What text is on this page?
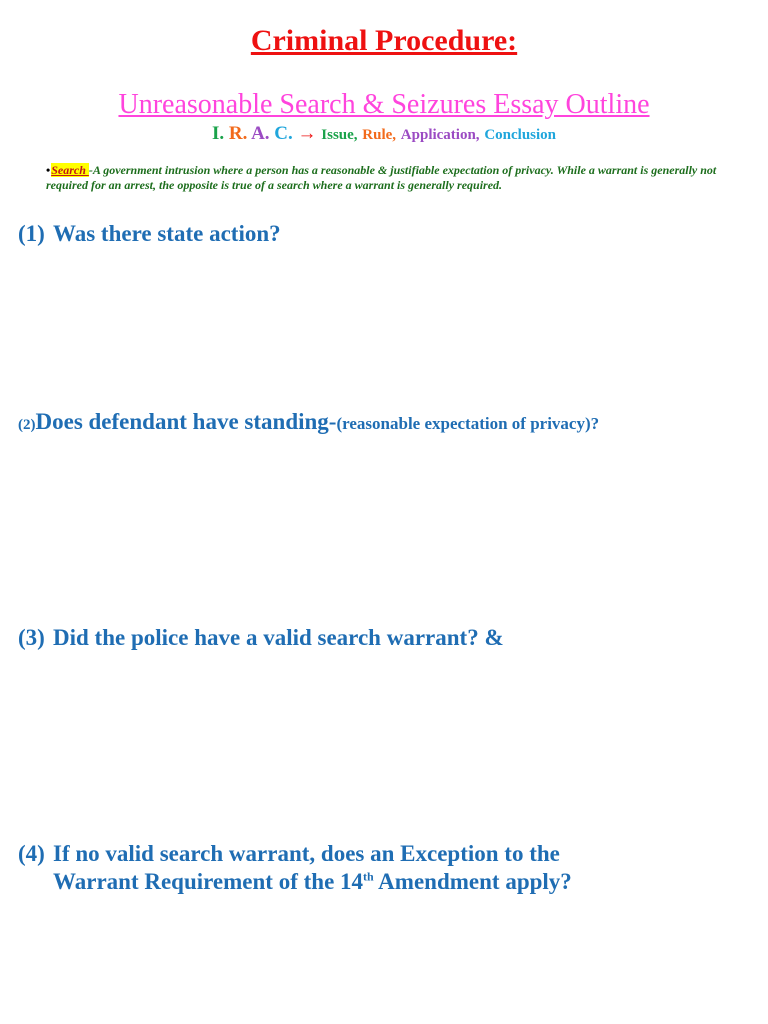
Criminal Procedure:
Unreasonable Search & Seizures Essay Outline
I. R. A. C. → Issue, Rule, Application, Conclusion
•Search -A government intrusion where a person has a reasonable & justifiable expectation of privacy. While a warrant is generally not required for an arrest, the opposite is true of a search where a warrant is generally required.
(1) Was there state action?
(2)Does defendant have standing-(reasonable expectation of privacy)?
(3) Did the police have a valid search warrant? &
(4) If no valid search warrant, does an Exception to the
Warrant Requirement of the 14th Amendment apply?
